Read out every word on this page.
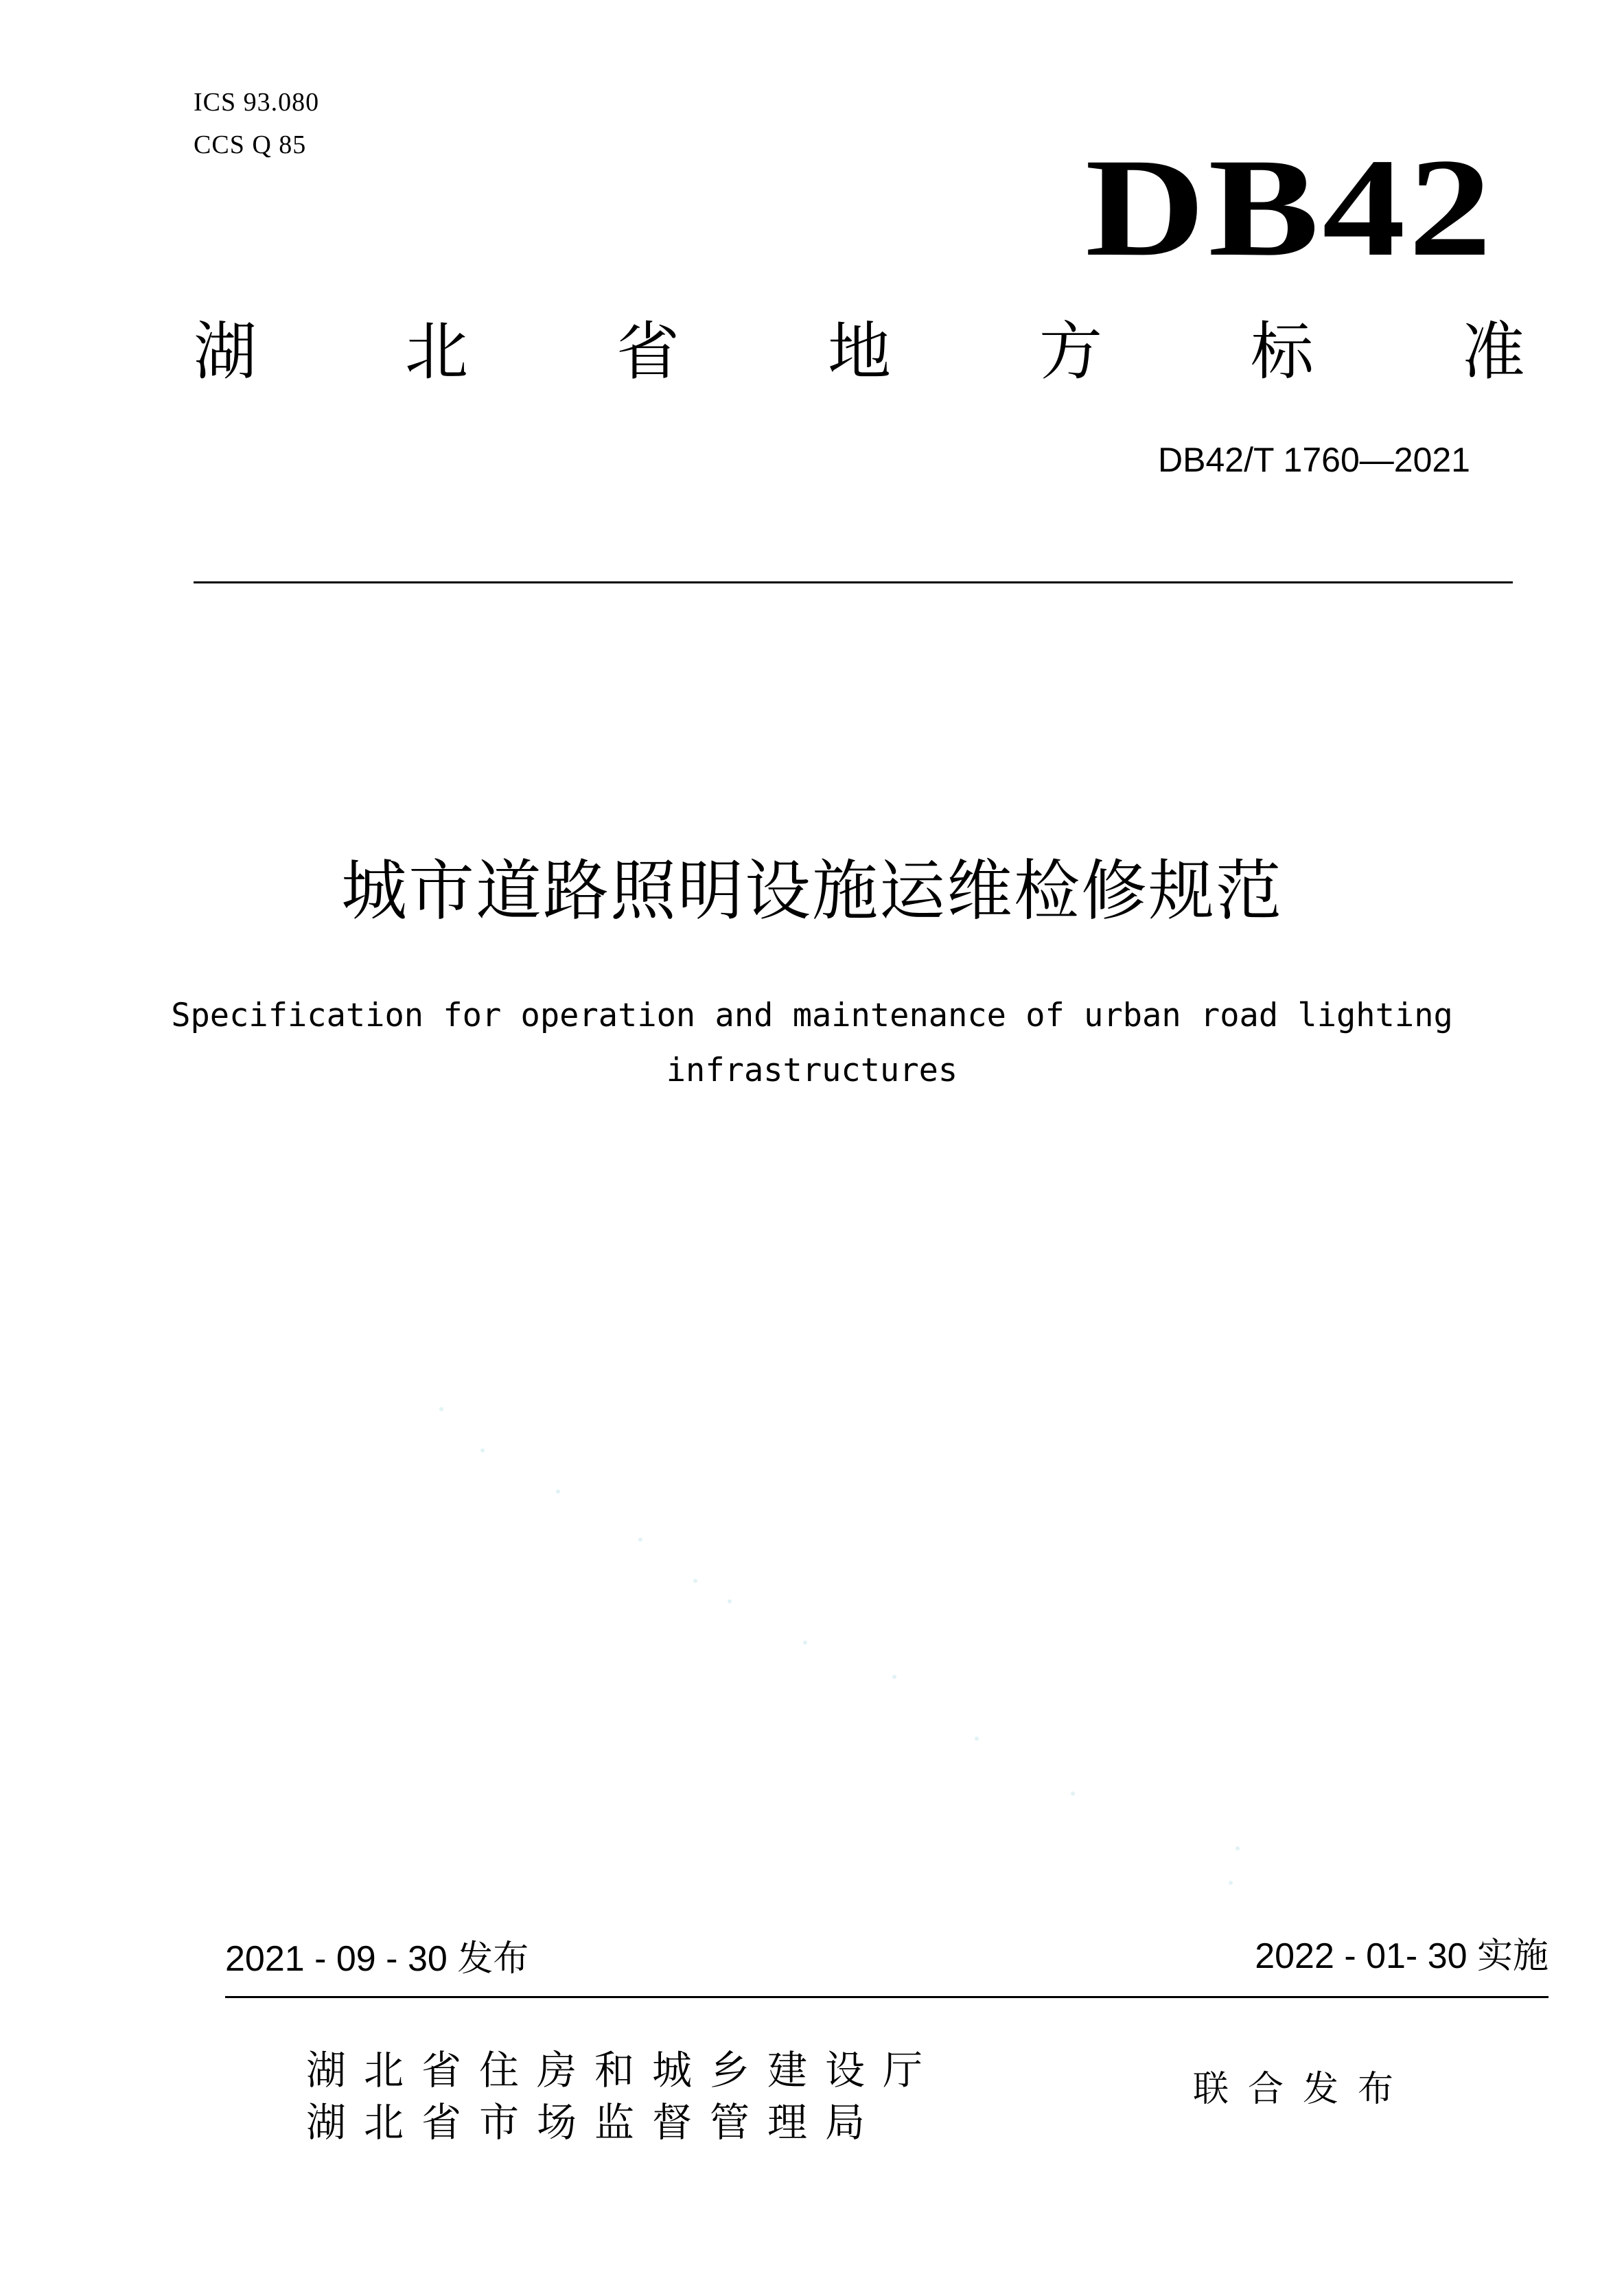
ICS 93.080
CCS Q 85	DB42
湖 北 省 地 方 标 准
DB42/T 1760—2021
城市道路照明设施运维检修规范
Specification for operation and maintenance of urban road lighting
infrastructures
2021 - 09 - 30 发布	2022 - 01- 30 实施
湖北省住房和城乡建设厅
湖北省市场监督管理局
联合发布
